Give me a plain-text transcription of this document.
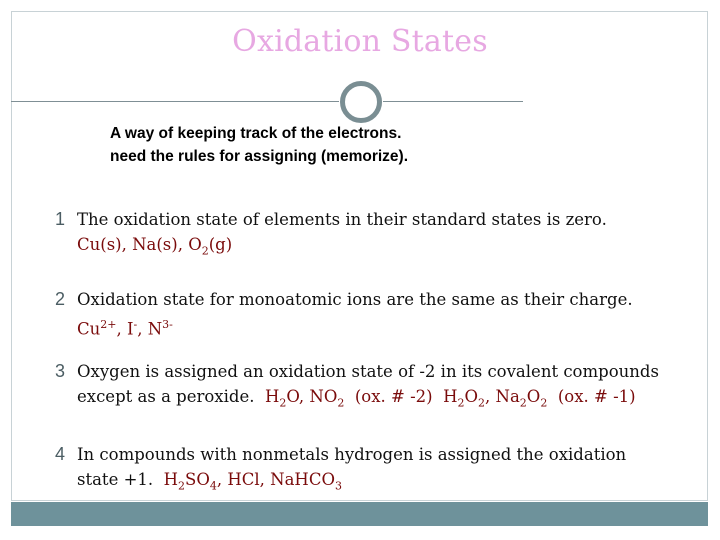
Oxidation States
A way of keeping track of the electrons.
need the rules for assigning (memorize).
1 The oxidation state of elements in their standard states is zero.
Cu(s), Na(s), $O_2(g)$
2 Oxidation state for monoatomic ions are the same as their charge.
$Cu^{2+}$, I-, $N^{3-}$
3 Oxygen is assigned an oxidation state of -2 in its covalent compounds
except as a peroxide. $H_2O$, $NO_2$ (ox. # -2) $H_2O_2$, $Na_2O_2$ (ox. # -1)
4 In compounds with nonmetals hydrogen is assigned the oxidation
state +1. $H_2SO_4$, HCl, NaHCO$_3$
